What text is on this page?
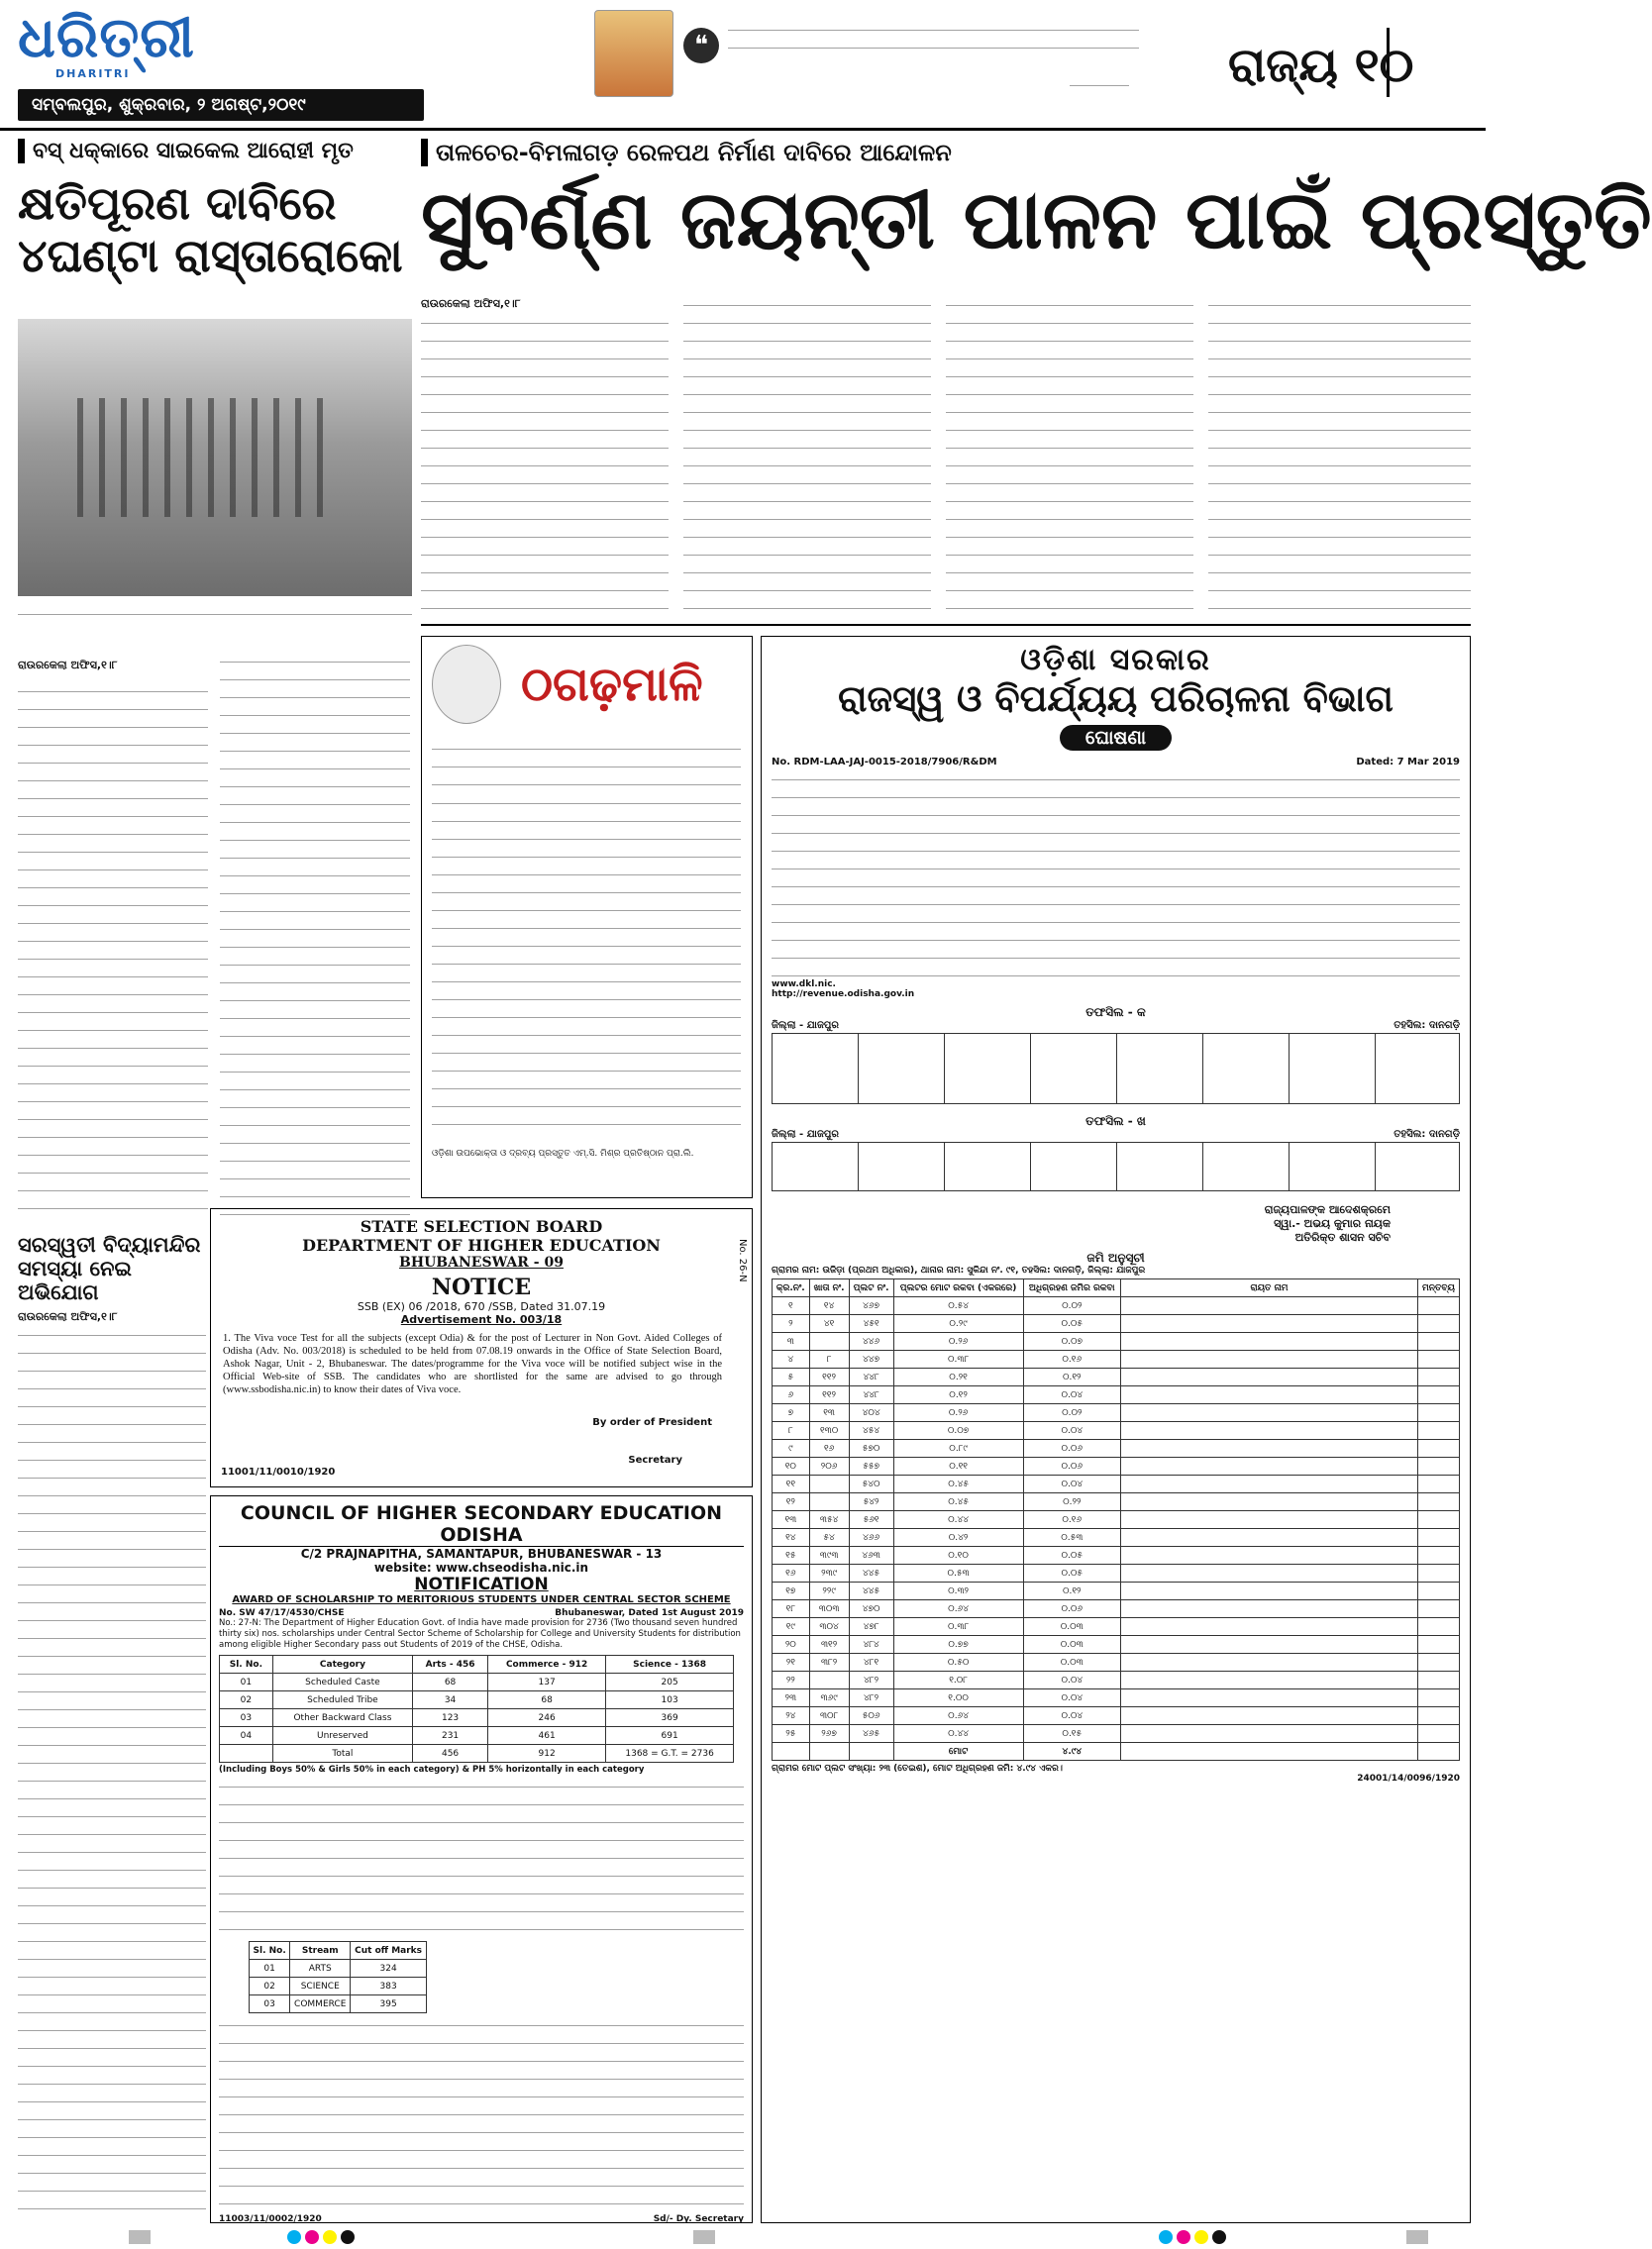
ଧରିତ୍ରୀ
DHARITRI
ସମ୍ବଲପୁର, ଶୁକ୍ରବାର, ୨ ଅଗଷ୍ଟ,୨୦୧୯
❝	ରାଜ୍ୟ ୧୦
ବସ୍ ଧକ୍କାରେ ସାଇକେଲ ଆରୋହୀ ମୃତ
କ୍ଷତିପୂରଣ ଦାବିରେ
୪ଘଣ୍ଟା ରାସ୍ତାରୋକୋ
ରାଉରକେଲା ଅଫିସ,୧।୮
ତାଳଚେର-ବିମଳାଗଡ଼ ରେଳପଥ ନିର୍ମାଣ ଦାବିରେ ଆନ୍ଦୋଳନ
ସୁବର୍ଣ୍ଣ ଜୟନ୍ତୀ ପାଳନ ପାଇଁ ପ୍ରସ୍ତୁତି
ରାଉରକେଲା ଅଫିସ,୧।୮
ଠଗଢ଼ମାଳି
ଓଡ଼ିଶା ଉପଭୋକ୍ତା ଓ ଦ୍ରବ୍ୟ ପ୍ରସ୍ତୁତ ଏମ୍.ସି. ମିଶ୍ର ପ୍ରତିଷ୍ଠାନ ପ୍ରା.ଲି.
STATE SELECTION BOARD
DEPARTMENT OF HIGHER EDUCATION
BHUBANESWAR - 09
NOTICE
SSB (EX) 06 /2018, 670 /SSB, Dated 31.07.19
Advertisement No. 003/18
1. The Viva voce Test for all the subjects (except Odia) & for the post of Lecturer in Non Govt. Aided Colleges of Odisha (Adv. No. 003/2018) is scheduled to be held from 07.08.19 onwards in the Office of State Selection Board, Ashok Nagar, Unit - 2, Bhubaneswar. The dates/programme for the Viva voce will be notified subject wise in the Official Web-site of SSB. The candidates who are shortlisted for the same are advised to go through (www.ssbodisha.nic.in) to know their dates of Viva voce.
By order of President
Secretary
11001/11/0010/1920
No. 26-N
ସରସ୍ୱତୀ ବିଦ୍ୟାମନ୍ଦିର
ସମସ୍ୟା ନେଇ ଅଭିଯୋଗ
ରାଉରକେଲା ଅଫିସ,୧।୮
COUNCIL OF HIGHER SECONDARY EDUCATION ODISHA
C/2 PRAJNAPITHA, SAMANTAPUR, BHUBANESWAR - 13
website: www.chseodisha.nic.in
NOTIFICATION
AWARD OF SCHOLARSHIP TO MERITORIOUS STUDENTS UNDER CENTRAL SECTOR SCHEME
No. SW 47/17/4530/CHSE	Bhubaneswar, Dated 1st August 2019
No.: 27-N: The Department of Higher Education Govt. of India have made provision for 2736 (Two thousand seven hundred thirty six) nos. scholarships under Central Sector Scheme of Scholarship for College and University Students for distribution among eligible Higher Secondary pass out Students of 2019 of the CHSE, Odisha.
Sl. No.	Category	Arts - 456	Commerce - 912	Science - 1368
01	Scheduled Caste	68	137	205
02	Scheduled Tribe	34	68	103
03	Other Backward Class	123	246	369
04	Unreserved	231	461	691
	Total	456	912	1368 = G.T. = 2736
(Including Boys 50% & Girls 50% in each category) & PH 5% horizontally in each category
Sl. No.	Stream	Cut off Marks
01	ARTS	324
02	SCIENCE	383
03	COMMERCE	395
11003/11/0002/1920	Sd/- Dy. Secretary
ଓଡ଼ିଶା ସରକାର
ରାଜସ୍ୱ ଓ ବିପର୍ଯ୍ୟୟ ପରିଚାଳନା ବିଭାଗ
ଘୋଷଣା
No. RDM-LAA-JAJ-0015-2018/7906/R&DM	Dated: 7 Mar 2019
www.dkl.nic.
http://revenue.odisha.gov.in
ତଫସିଲ - କ
ଜିଲ୍ଲା - ଯାଜପୁର	ତହସିଲ: ଦାନଗଡ଼ି
ତଫସିଲ - ଖ
ଜିଲ୍ଲା - ଯାଜପୁର	ତହସିଲ: ଦାନଗଡ଼ି
ରାଜ୍ୟପାଳଙ୍କ ଆଦେଶକ୍ରମେ
ସ୍ୱା.- ଅଭୟ କୁମାର ନାୟକ
ଅତିରିକ୍ତ ଶାସନ ସଚିବ
ଜମି ଅନୁସୂଚୀ
ଗ୍ରାମର ନାମ: ଉଜିଡ଼ା (ପ୍ରଥମ ଅଧିକାର), ଥାନାର ନାମ: ସୁକିନ୍ଦା ନଂ. ୯୧, ତହସିଲ: ଦାନଗଡ଼ି, ଜିଲ୍ଲା: ଯାଜପୁର
କ୍ର.ନଂ.	ଖାତା ନଂ.	ପ୍ଲଟ ନଂ.	ପ୍ଲଟର ମୋଟ ରକବା (ଏକରରେ)	ଅଧିଗ୍ରହଣ ଜମିର ରକବା	ରାୟତ ନାମ	ମନ୍ତବ୍ୟ
୧	୧୪	୪୬୭	୦.୫୪	୦.୦୨		
୨	୪୧	୪୫୧	୦.୨୯	୦.୦୫		
୩		୪୪୬	୦.୨୬	୦.୦୭		
୪	୮	୪୪୭	୦.୩୮	୦.୧୬		
୫	୧୧୨	୪୪୮	୦.୨୧	୦.୧୨		
୬	୧୧୨	୪୪୮	୦.୧୨	୦.୦୪		
୭	୧୩	୪୦୪	୦.୨୬	୦.୦୨		
୮	୧୩୦	୪୫୪	୦.୦୭	୦.୦୪		
୯	୧୬	୫୭୦	୦.୮୯	୦.୦୬		
୧୦	୨୦୬	୫୫୭	୦.୧୧	୦.୦୬		
୧୧		୫୪୦	୦.୪୫	୦.୦୪		
୧୨		୫୪୨	୦.୪୫	୦.୨୨		
୧୩	୩୫୪	୫୬୧	୦.୪୪	୦.୧୬		
୧୪	୫୪	୪୬୬	୦.୪୨	୦.୫୩		
୧୫	୩୯୩	୪୬୩	୦.୧୦	୦.୦୫		
୧୬	୨୩୯	୪୪୫	୦.୫୩	୦.୦୫		
୧୭	୨୨୯	୪୪୫	୦.୩୨	୦.୧୨		
୧୮	୩୦୩	୪୭୦	୦.୬୪	୦.୦୬		
୧୯	୩୦୪	୪୭୮	୦.୩୮	୦.୦୩		
୨୦	୩୧୨	୪୮୪	୦.୭୭	୦.୦୩		
୨୧	୩୮୨	୪୮୧	୦.୫୦	୦.୦୩		
୨୨		୪୮୨	୧.୦୮	୦.୦୪		
୨୩	୩୬୯	୪୮୨	୧.୦୦	୦.୦୪		
୨୪	୩୦୮	୫୦୬	୦.୬୪	୦.୦୪		
୨୫	୨୬୭	୪୬୫	୦.୪୪	୦.୧୫		
			ମୋଟ	୪.୯୪		
ଗ୍ରାମର ମୋଟ ପ୍ଲଟ ସଂଖ୍ୟା: ୨୩ (ତେଇଶ), ମୋଟ ଅଧିଗ୍ରହଣ ଜମି: ୪.୯୪ ଏକର।
24001/14/0096/1920
